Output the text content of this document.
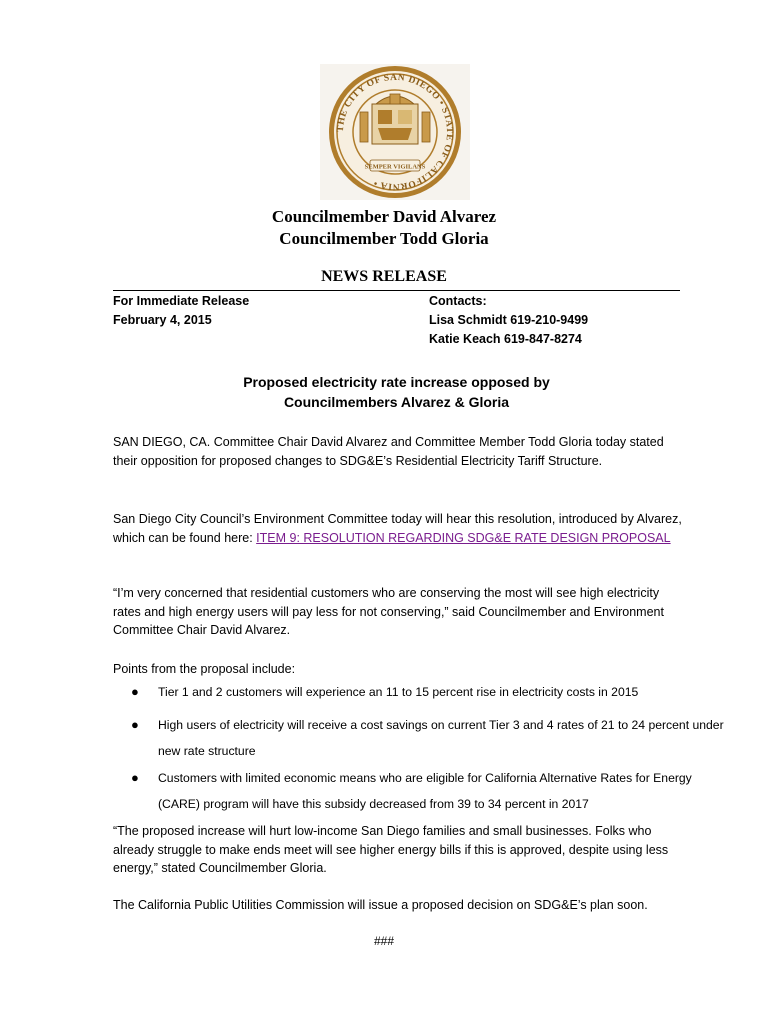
THE CITY OF SAN DIEGO • STATE OF CALIFORNIA •
SEMPER VIGILANS
Councilmember David Alvarez
Councilmember Todd Gloria
NEWS RELEASE
For Immediate Release
February 4, 2015
Contacts:
Lisa Schmidt 619-210-9499
Katie Keach 619-847-8274
Proposed electricity rate increase opposed by
Councilmembers Alvarez & Gloria
SAN DIEGO, CA. Committee Chair David Alvarez and Committee Member Todd Gloria today stated their opposition for proposed changes to SDG&E’s Residential Electricity Tariff Structure.
San Diego City Council’s Environment Committee today will hear this resolution, introduced by Alvarez, which can be found here: ITEM 9: RESOLUTION REGARDING SDG&E RATE DESIGN PROPOSAL
“I’m very concerned that residential customers who are conserving the most will see high electricity rates and high energy users will pay less for not conserving,” said Councilmember and Environment Committee Chair David Alvarez.
Points from the proposal include:
● Tier 1 and 2 customers will experience an 11 to 15 percent rise in electricity costs in 2015
● High users of electricity will receive a cost savings on current Tier 3 and 4 rates of 21 to 24 percent under new rate structure
● Customers with limited economic means who are eligible for California Alternative Rates for Energy (CARE) program will have this subsidy decreased from 39 to 34 percent in 2017
“The proposed increase will hurt low-income San Diego families and small businesses. Folks who already struggle to make ends meet will see higher energy bills if this is approved, despite using less energy,” stated Councilmember Gloria.
The California Public Utilities Commission will issue a proposed decision on SDG&E’s plan soon.
###
